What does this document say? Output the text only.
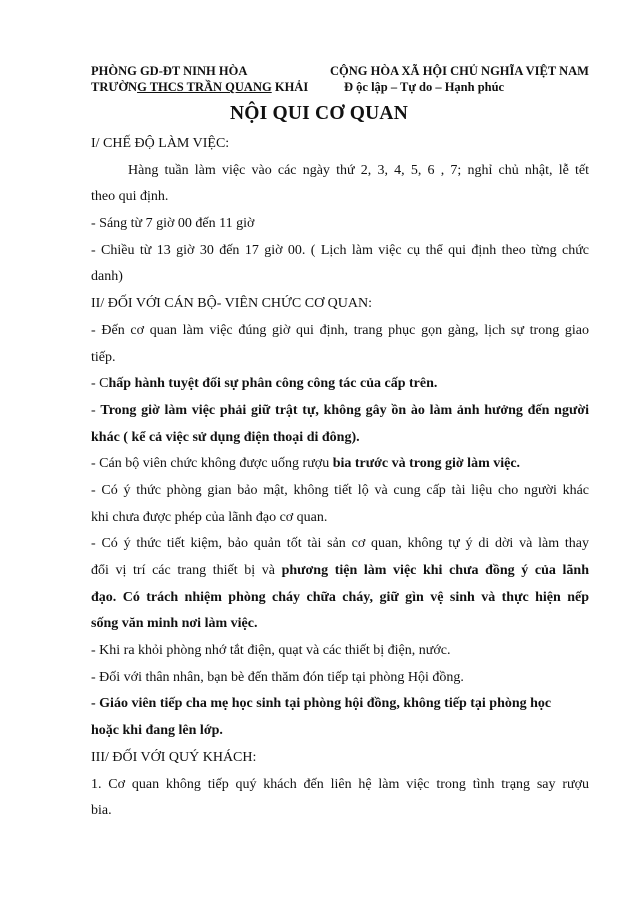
PHÒNG GD-ĐT NINH HÒA	CỘNG HÒA XÃ HỘI CHỦ NGHĨA VIỆT NAM
TRƯỜNG THCS TRẦN QUANG KHẢI	Đ ộc lập – Tự do – Hạnh phúc
NỘI QUI CƠ QUAN
I/ CHẾ ĐỘ LÀM VIỆC:
Hàng tuần làm việc vào các ngày thứ 2, 3, 4, 5, 6 , 7; nghỉ chủ nhật, lễ tết
theo qui định.
- Sáng từ 7 giờ 00 đến 11 giờ
- Chiều từ 13 giờ 30 đến 17 giờ 00. ( Lịch làm việc cụ thể qui định theo từng chức
danh)
II/ ĐỐI VỚI CÁN BỘ- VIÊN CHỨC CƠ QUAN:
- Đến cơ quan làm việc đúng giờ qui định, trang phục gọn gàng, lịch sự trong giao
tiếp.
- Chấp hành tuyệt đối sự phân công công tác của cấp trên.
- Trong giờ làm việc phải giữ trật tự, không gây ồn ào làm ảnh hưởng đến người
khác ( kể cả việc sử dụng điện thoại di đông).
- Cán bộ viên chức không được uống rượu bia trước và trong giờ làm việc.
- Có ý thức phòng gian bảo mật, không tiết lộ và cung cấp tài liệu cho người khác
khi chưa được phép của lãnh đạo cơ quan.
- Có ý thức tiết kiệm, bảo quản tốt tài sản cơ quan, không tự ý di dời và làm thay
đổi vị trí các trang thiết bị và phương tiện làm việc khi chưa đồng ý của lãnh
đạo. Có trách nhiệm phòng cháy chữa cháy, giữ gìn vệ sinh và thực hiện nếp
sống văn minh nơi làm việc.
- Khi ra khỏi phòng nhớ tắt điện, quạt và các thiết bị điện, nước.
- Đối với thân nhân, bạn bè đến thăm đón tiếp tại phòng Hội đồng.
- Giáo viên tiếp cha mẹ học sinh tại phòng hội đồng, không tiếp tại phòng học
hoặc khi đang lên lớp.
III/ ĐỐI VỚI QUÝ KHÁCH:
1. Cơ quan không tiếp quý khách đến liên hệ làm việc trong tình trạng say rượu
bia.
